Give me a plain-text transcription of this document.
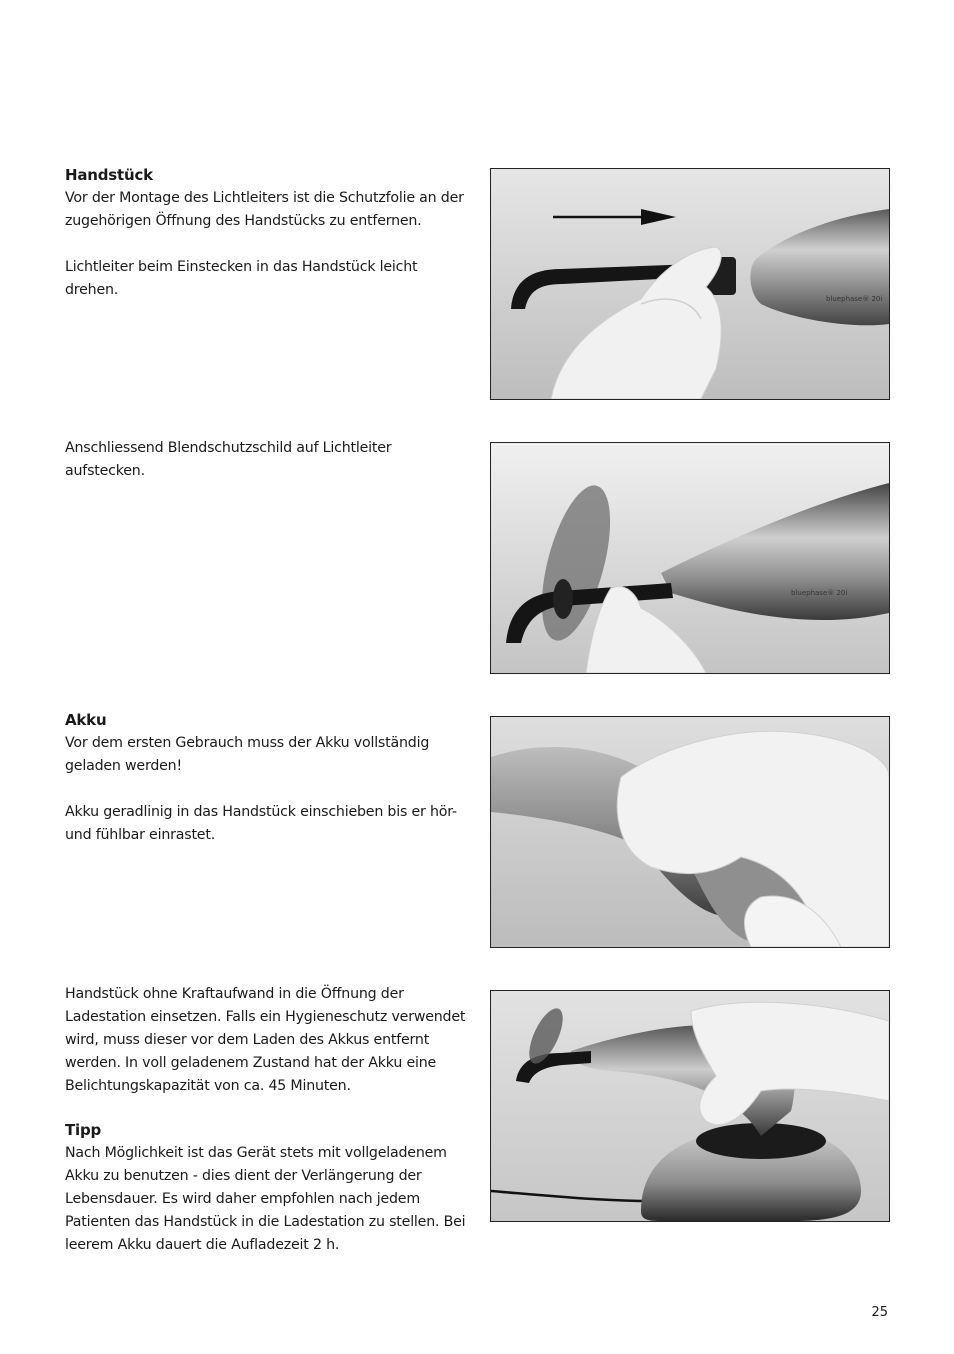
Handstück

Vor der Montage des Lichtleiters ist die Schutzfolie an der zugehörigen Öffnung des Handstücks zu entfernen.

Lichtleiter beim Einstecken in das Handstück leicht drehen.

Anschliessend Blendschutzschild auf Lichtleiter aufstecken.

Akku

Vor dem ersten Gebrauch muss der Akku vollständig geladen werden!

Akku geradlinig in das Handstück einschieben bis er hör- und fühlbar einrastet.

Handstück ohne Kraftaufwand in die Öffnung der Ladestation einsetzen. Falls ein Hygieneschutz verwendet wird, muss dieser vor dem Laden des Akkus entfernt werden. In voll geladenem Zustand hat der Akku eine Belichtungskapazität von ca. 45 Minuten.

Tipp

Nach Möglichkeit ist das Gerät stets mit vollgeladenem Akku zu benutzen - dies dient der Verlängerung der Lebensdauer. Es wird daher empfohlen nach jedem Patienten das Handstück in die Ladestation zu stellen. Bei leerem Akku dauert die Aufladezeit 2 h.

bluephase® 20i
bluephase® 20i
25
